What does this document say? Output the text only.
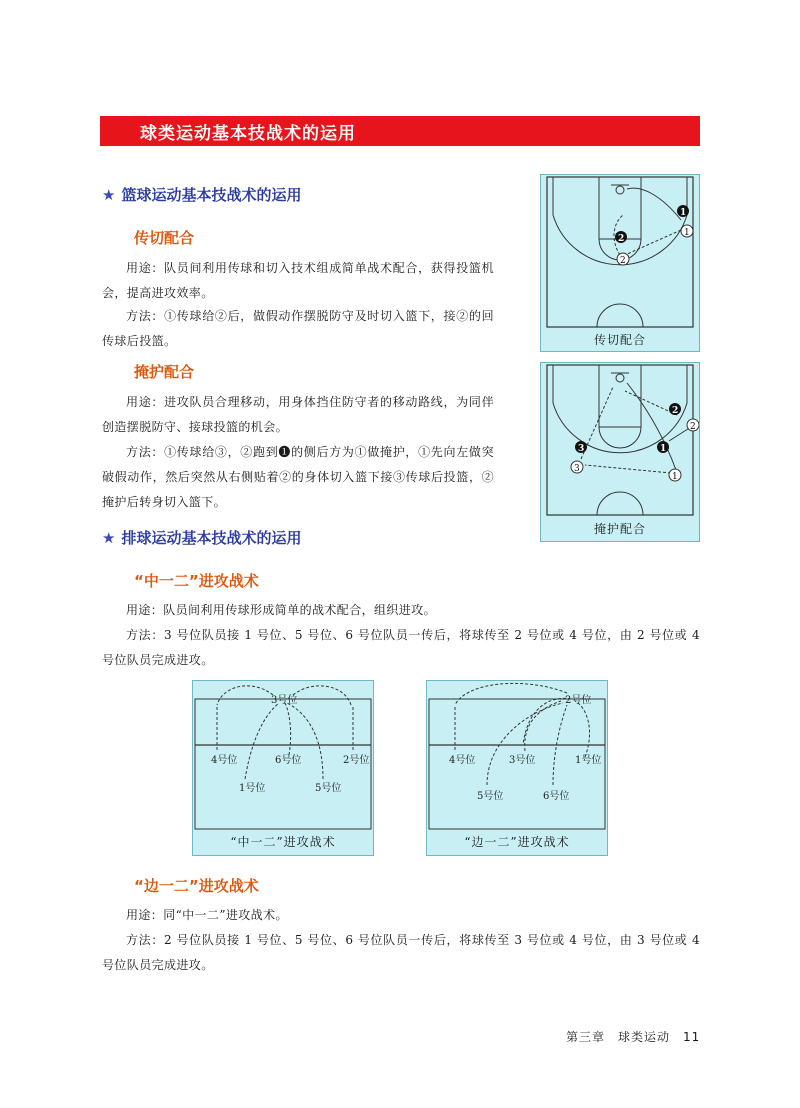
球类运动基本技战术的运用
★ 篮球运动基本技战术的运用
传切配合
用途：队员间利用传球和切入技术组成简单战术配合，获得投篮机会，提高进攻效率。
方法：①传球给②后，做假动作摆脱防守及时切入篮下，接②的回传球后投篮。
1
1
2
2
传切配合
掩护配合
用途：进攻队员合理移动，用身体挡住防守者的移动路线，为同伴创造摆脱防守、接球投篮的机会。
方法：①传球给③，②跑到❶的侧后方为①做掩护，①先向左做突破假动作，然后突然从右侧贴着②的身体切入篮下接③传球后投篮，②掩护后转身切入篮下。
3
3
2
2
1
1
掩护配合
★ 排球运动基本技战术的运用
“中一二”进攻战术
用途：队员间利用传球形成简单的战术配合，组织进攻。
方法：3 号位队员接 1 号位、5 号位、6 号位队员一传后，将球传至 2 号位或 4 号位，由 2 号位或 4 号位队员完成进攻。
3号位
4号位	6号位	2号位
1号位	5号位
“中一二”进攻战术
2号位
4号位	3号位	1号位
5号位	6号位
“边一二”进攻战术
“边一二”进攻战术
用途：同“中一二”进攻战术。
方法：2 号位队员接 1 号位、5 号位、6 号位队员一传后，将球传至 3 号位或 4 号位，由 3 号位或 4 号位队员完成进攻。
第三章　球类运动　11
